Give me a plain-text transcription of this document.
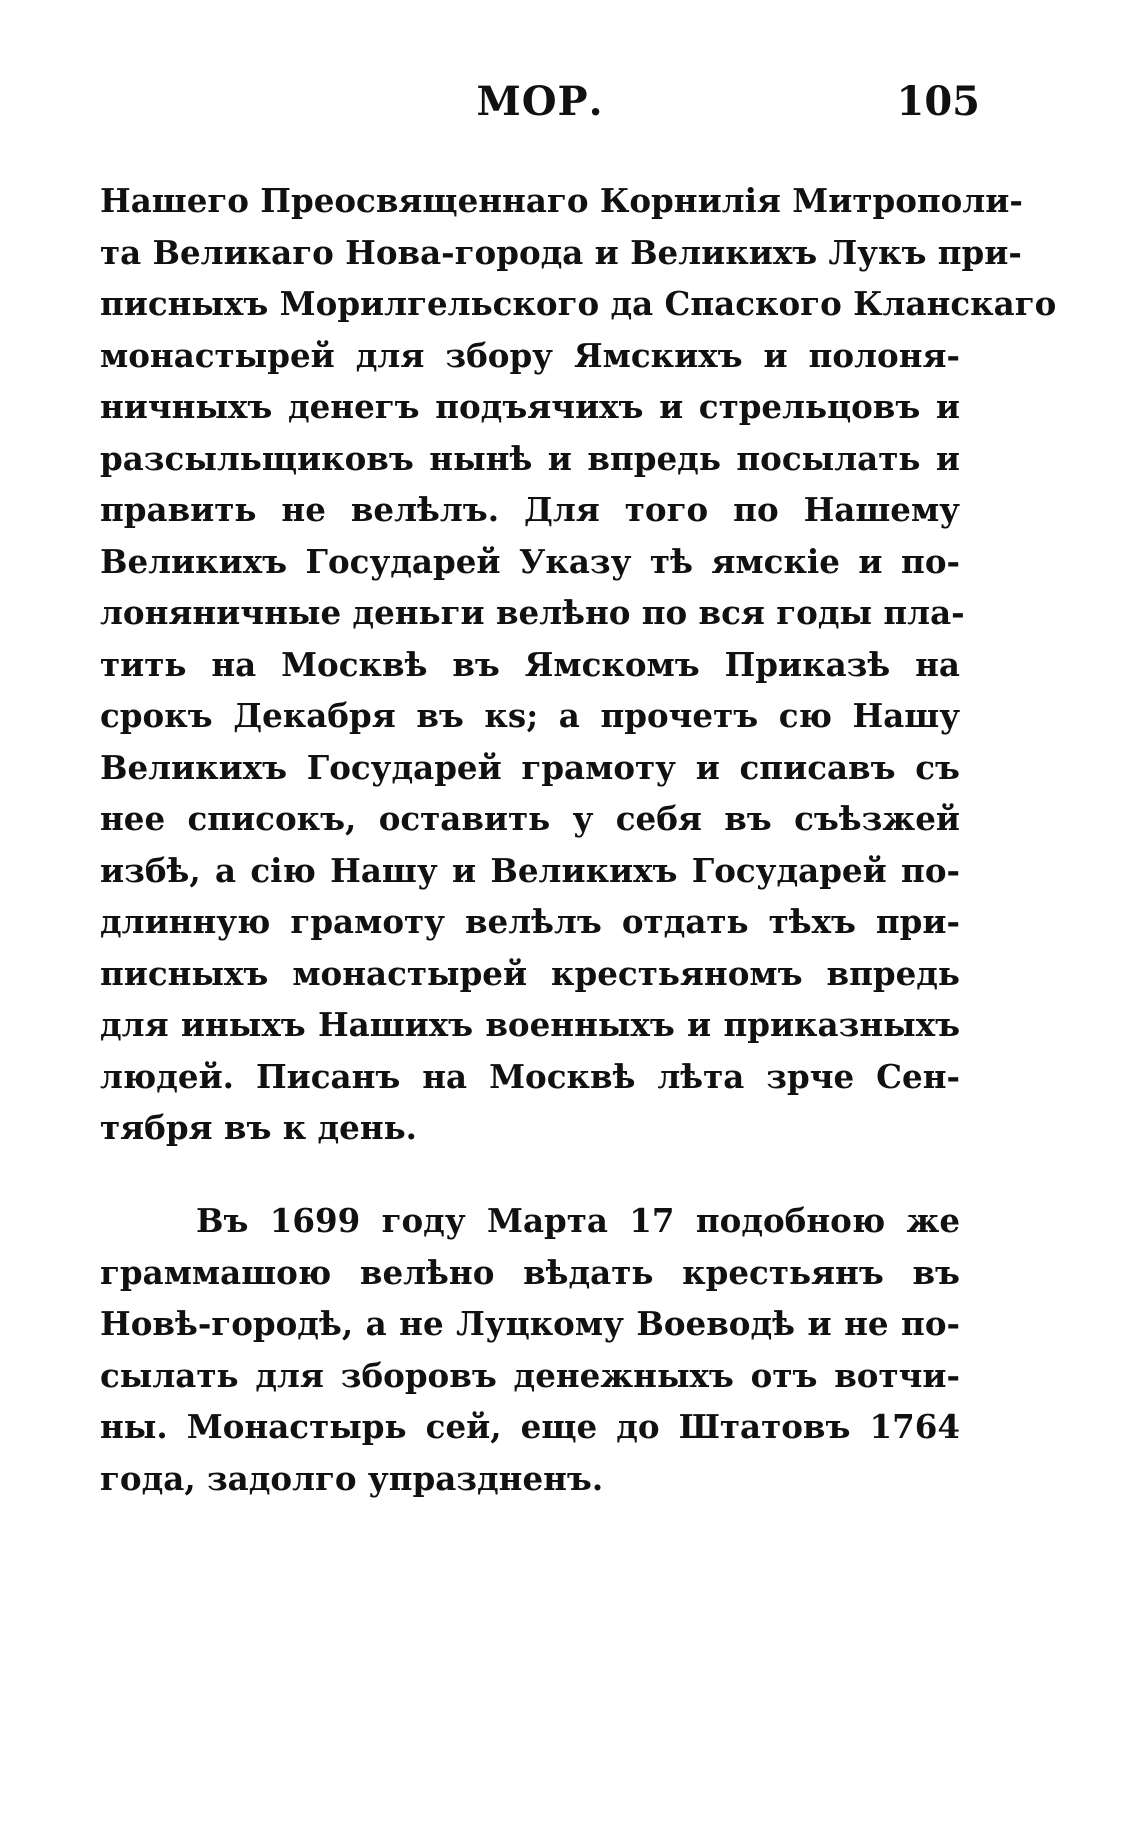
МОР.	105
Нашего Преосвященнаго Корнилія Митрополи-
та Великаго Нова-города и Великихъ Лукъ при-
писныхъ Морилгельского да Спаского Кланскаго
монастырей для збору Ямскихъ и полоня-
ничныхъ денегъ подъячихъ и стрельцовъ и
разсыльщиковъ нынѣ и впредь посылать и
править не велѣлъ. Для того по Нашему
Великихъ Государей Указу тѣ ямскіе и по-
лоняничные деньги велѣно по вся годы пла-
тить на Москвѣ въ Ямскомъ Приказѣ на
срокъ Декабря въ кѕ; а прочетъ сю Нашу
Великихъ Государей грамоту и списавъ съ
нее списокъ, оставить у себя въ съѣзжей
избѣ, а сію Нашу и Великихъ Государей по-
длинную грамоту велѣлъ отдать тѣхъ при-
писныхъ монастырей крестьяномъ впредь
для иныхъ Нашихъ военныхъ и приказныхъ
людей. Писанъ на Москвѣ лѣта зрче Сен-
тября въ к день.
Въ 1699 году Марта 17 подобною же
граммашою велѣно вѣдать крестьянъ въ
Новѣ-городѣ, а не Луцкому Воеводѣ и не по-
сылать для зборовъ денежныхъ отъ вотчи-
ны. Монастырь сей, еще до Штатовъ 1764
года, задолго упраздненъ.
